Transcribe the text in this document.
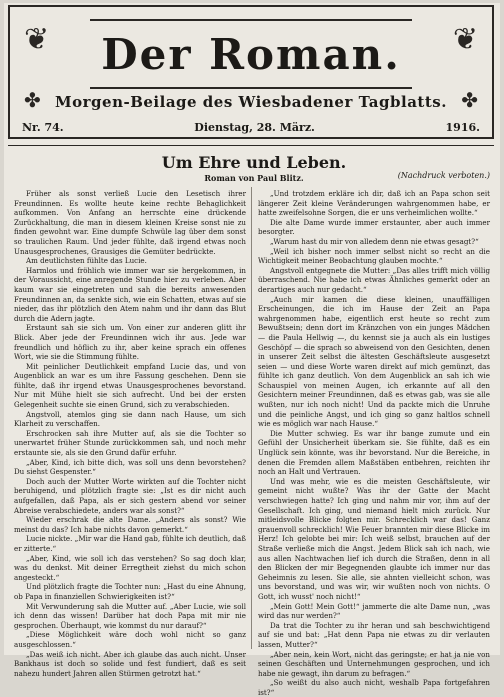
❦	❦
✤	✤
Der Roman.
Morgen-Beilage des Wiesbadener Tagblatts.
Nr. 74.	Dienstag, 28. März.	1916.
Um Ehre und Leben.
Roman von Paul Blitz.	(Nachdruck verboten.)

Früher als sonst verließ Lucie den Lesetisch ihrer Freundinnen. Es wollte heute keine rechte Behaglichkeit aufkommen. Von Anfang an herrschte eine drückende Zurückhaltung, die man in diesem kleinen Kreise sonst nie zu finden gewohnt war. Eine dumpfe Schwüle lag über dem sonst so traulichen Raum. Und jeder fühlte, daß irgend etwas noch Unausgesprochenes, Grausiges die Gemüter bedrückte.

Am deutlichsten fühlte das Lucie.

Harmlos und fröhlich wie immer war sie hergekommen, in der Voraussicht, eine anregende Stunde hier zu verleben. Aber kaum war sie eingetreten und sah die bereits anwesenden Freundinnen an, da senkte sich, wie ein Schatten, etwas auf sie nieder, das ihr plötzlich den Atem nahm und ihr dann das Blut durch die Adern jagte.

Erstaunt sah sie sich um. Von einer zur anderen glitt ihr Blick. Aber jede der Freundinnen wich ihr aus. Jede war freundlich und höflich zu ihr, aber keine sprach ein offenes Wort, wie sie die Stimmung fühlte.

Mit peinlicher Deutlichkeit empfand Lucie das, und von Augenblick an war es um ihre Fassung geschehen. Denn sie fühlte, daß ihr irgend etwas Unausgesprochenes bevorstand. Nur mit Mühe hielt sie sich aufrecht. Und bei der ersten Gelegenheit suchte sie einen Grund, sich zu verabschieden.

Angstvoll, atemlos ging sie dann nach Hause, um sich Klarheit zu verschaffen.

Erschrocken sah ihre Mutter auf, als sie die Tochter so unerwartet früher Stunde zurückkommen sah, und noch mehr erstaunte sie, als sie den Grund dafür erfuhr.

„Aber, Kind, ich bitte dich, was soll uns denn bevorstehen? Du siehst Gespenster.“

Doch auch der Mutter Worte wirkten auf die Tochter nicht beruhigend, und plötzlich fragte sie: „Ist es dir nicht auch aufgefallen, daß Papa, als er sich gestern abend vor seiner Abreise verabschiedete, anders war als sonst?“

Wieder erschrak die alte Dame. „Anders als sonst? Wie meinst du das? Ich habe nichts davon gemerkt.“

Lucie nickte. „Mir war die Hand gab, fühlte ich deutlich, daß er zitterte.“

„Aber, Kind, wie soll ich das verstehen? So sag doch klar, was du denkst. Mit deiner Erregtheit ziehst du mich schon angesteckt.“

Und plötzlich fragte die Tochter nun: „Hast du eine Ahnung, ob Papa in finanziellen Schwierigkeiten ist?“

Mit Verwunderung sah die Mutter auf. „Aber Lucie, wie soll ich denn das wissen! Darüber hat doch Papa mit mir nie gesprochen. Überhaupt, wie kommst du nur darauf?“

„Diese Möglichkeit wäre doch wohl nicht so ganz ausgeschlossen.“

„Das weiß ich nicht. Aber ich glaube das auch nicht. Unser Bankhaus ist doch so solide und fest fundiert, daß es seit nahezu hundert Jahren allen Stürmen getrotzt hat.“

„Und trotzdem erkläre ich dir, daß ich an Papa schon seit längerer Zeit kleine Veränderungen wahrgenommen habe, er hatte zweifelsohne Sorgen, die er uns verheimlichen wollte.“

Die alte Dame wurde immer erstaunter, aber auch immer besorgter.

„Warum hast du mir von alledem denn nie etwas gesagt?“

„Weil ich bisher noch immer selbst nicht so recht an die Wichtigkeit meiner Beobachtung glauben mochte.“

Angstvoll entgegnete die Mutter: „Das alles trifft mich völlig überraschend. Nie habe ich etwas Ähnliches gemerkt oder an derartiges auch nur gedacht.“

„Auch mir kamen die diese kleinen, unauffälligen Erscheinungen, die ich im Hause der Zeit an Papa wahrgenommen habe, eigentlich erst heute so recht zum Bewußtsein; denn dort im Kränzchen von ein junges Mädchen — die Paula Hellwig —, du kennst sie ja auch als ein lustiges Geschöpf — die sprach so abweisend von den Gesichten, denen in unserer Zeit selbst die ältesten Geschäftsleute ausgesetzt seien — und diese Worte waren direkt auf mich gemünzt, das fühlte ich ganz deutlich. Von dem Augenblick an sah ich wie Schauspiel von meinen Augen, ich erkannte auf all den Gesichtern meiner Freundinnen, daß es etwas gab, was sie alle wußten, nur ich noch nicht! Und da packte mich die Unruhe und die peinliche Angst, und ich ging so ganz haltlos schnell wie es möglich war nach Hause.“

Die Mutter schwieg. Es war ihr bange zumute und ein Gefühl der Unsicherheit überkam sie. Sie fühlte, daß es ein Unglück sein könnte, was ihr bevorstand. Nur die Bereiche, in denen die Fremden allem Maßstäben entbehren, reichten ihr noch an Halt und Vertrauen.

Und was mehr, wie es die meisten Geschäftsleute, wir gemeint nicht wußte? Was ihr der Gatte der Macht verschwiegen hatte? Ich ging und nahm mir vor, ihm auf der Gesellschaft. Ich ging, und niemand hielt mich zurück. Nur mitleidsvolle Blicke folgten mir. Schrecklich war das! Ganz grauenvoll schrecklich! Wie Feuer brannten mir diese Blicke im Herz! Ich gelobte bei mir: Ich weiß selbst, brauchen auf der Straße verließe mich die Angst. Jedem Blick sah ich nach, wie aus allen Nachtwachen lief ich durch die Straßen, denn in all den Blicken der mir Begegnenden glaubte ich immer nur das Geheimnis zu lesen. Sie alle, sie ahnten vielleicht schon, was uns bevorstand, und was wir, wir wußten noch von nichts. O Gott, ich wusst' noch nicht!“

„Mein Gott! Mein Gott!“ jammerte die alte Dame nun, „was wird das nur werden?“

Da trat die Tochter zu ihr heran und sah beschwichtigend auf sie und bat: „Hat denn Papa nie etwas zu dir verlauten lassen, Mutter?“

„Aber nein, kein Wort, nicht das geringste; er hat ja nie von seinen Geschäften und Unternehmungen gesprochen, und ich habe nie gewagt, ihn darum zu befragen.“

„So weißt du also auch nicht, weshalb Papa fortgefahren ist?“
